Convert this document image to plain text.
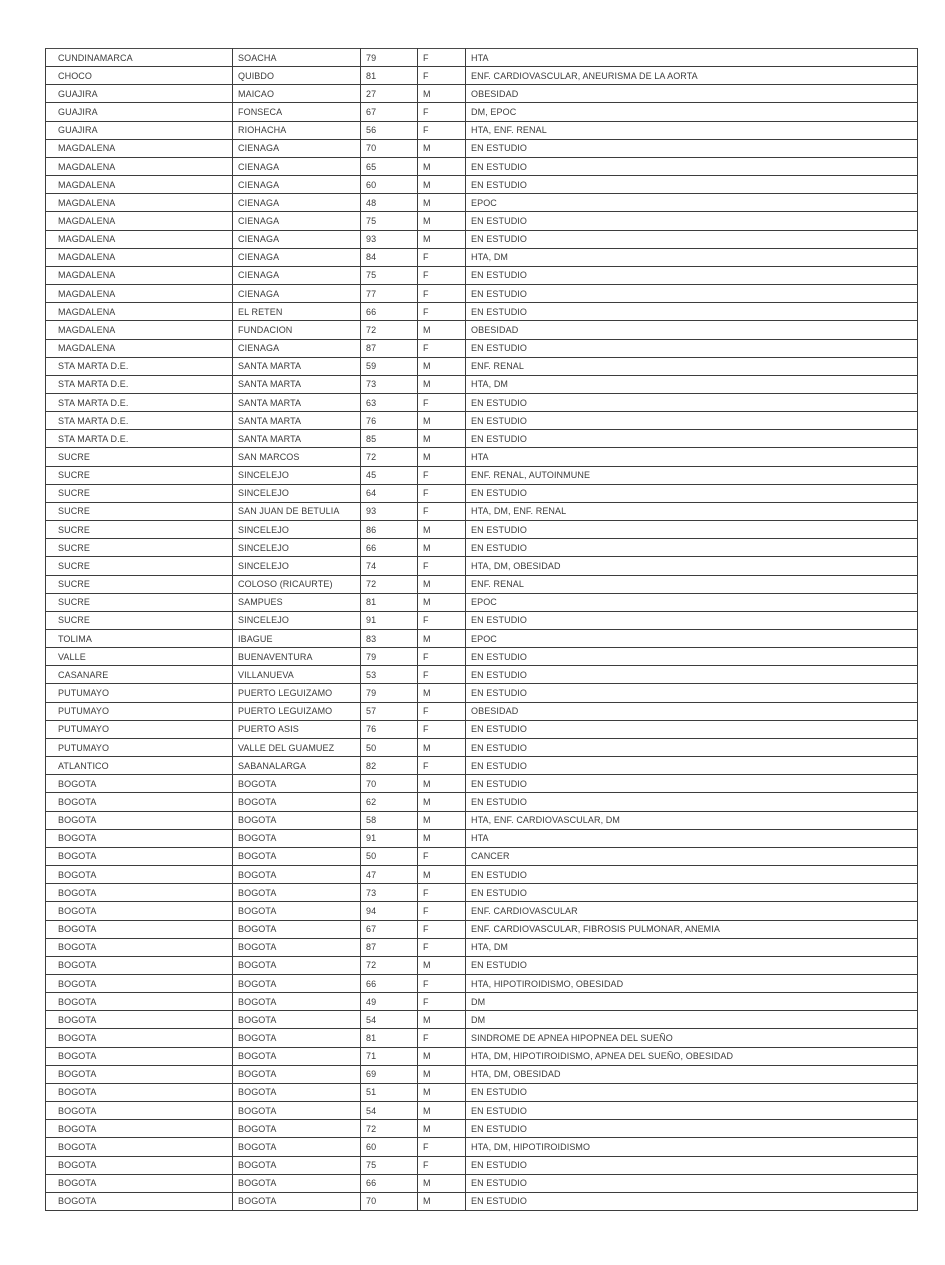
CUNDINAMARCA	SOACHA	79	F	HTA
CHOCO	QUIBDO	81	F	ENF. CARDIOVASCULAR, ANEURISMA DE LA AORTA
GUAJIRA	MAICAO	27	M	OBESIDAD
GUAJIRA	FONSECA	67	F	DM, EPOC
GUAJIRA	RIOHACHA	56	F	HTA, ENF. RENAL
MAGDALENA	CIENAGA	70	M	EN ESTUDIO
MAGDALENA	CIENAGA	65	M	EN ESTUDIO
MAGDALENA	CIENAGA	60	M	EN ESTUDIO
MAGDALENA	CIENAGA	48	M	EPOC
MAGDALENA	CIENAGA	75	M	EN ESTUDIO
MAGDALENA	CIENAGA	93	M	EN ESTUDIO
MAGDALENA	CIENAGA	84	F	HTA, DM
MAGDALENA	CIENAGA	75	F	EN ESTUDIO
MAGDALENA	CIENAGA	77	F	EN ESTUDIO
MAGDALENA	EL RETEN	66	F	EN ESTUDIO
MAGDALENA	FUNDACION	72	M	OBESIDAD
MAGDALENA	CIENAGA	87	F	EN ESTUDIO
STA MARTA D.E.	SANTA MARTA	59	M	ENF. RENAL
STA MARTA D.E.	SANTA MARTA	73	M	HTA, DM
STA MARTA D.E.	SANTA MARTA	63	F	EN ESTUDIO
STA MARTA D.E.	SANTA MARTA	76	M	EN ESTUDIO
STA MARTA D.E.	SANTA MARTA	85	M	EN ESTUDIO
SUCRE	SAN MARCOS	72	M	HTA
SUCRE	SINCELEJO	45	F	ENF. RENAL, AUTOINMUNE
SUCRE	SINCELEJO	64	F	EN ESTUDIO
SUCRE	SAN JUAN DE BETULIA	93	F	HTA, DM, ENF. RENAL
SUCRE	SINCELEJO	86	M	EN ESTUDIO
SUCRE	SINCELEJO	66	M	EN ESTUDIO
SUCRE	SINCELEJO	74	F	HTA, DM, OBESIDAD
SUCRE	COLOSO (RICAURTE)	72	M	ENF. RENAL
SUCRE	SAMPUES	81	M	EPOC
SUCRE	SINCELEJO	91	F	EN ESTUDIO
TOLIMA	IBAGUE	83	M	EPOC
VALLE	BUENAVENTURA	79	F	EN ESTUDIO
CASANARE	VILLANUEVA	53	F	EN ESTUDIO
PUTUMAYO	PUERTO LEGUIZAMO	79	M	EN ESTUDIO
PUTUMAYO	PUERTO LEGUIZAMO	57	F	OBESIDAD
PUTUMAYO	PUERTO ASIS	76	F	EN ESTUDIO
PUTUMAYO	VALLE DEL GUAMUEZ	50	M	EN ESTUDIO
ATLANTICO	SABANALARGA	82	F	EN ESTUDIO
BOGOTA	BOGOTA	70	M	EN ESTUDIO
BOGOTA	BOGOTA	62	M	EN ESTUDIO
BOGOTA	BOGOTA	58	M	HTA, ENF. CARDIOVASCULAR, DM
BOGOTA	BOGOTA	91	M	HTA
BOGOTA	BOGOTA	50	F	CANCER
BOGOTA	BOGOTA	47	M	EN ESTUDIO
BOGOTA	BOGOTA	73	F	EN ESTUDIO
BOGOTA	BOGOTA	94	F	ENF. CARDIOVASCULAR
BOGOTA	BOGOTA	67	F	ENF. CARDIOVASCULAR, FIBROSIS PULMONAR, ANEMIA
BOGOTA	BOGOTA	87	F	HTA, DM
BOGOTA	BOGOTA	72	M	EN ESTUDIO
BOGOTA	BOGOTA	66	F	HTA, HIPOTIROIDISMO, OBESIDAD
BOGOTA	BOGOTA	49	F	DM
BOGOTA	BOGOTA	54	M	DM
BOGOTA	BOGOTA	81	F	SINDROME DE APNEA HIPOPNEA DEL SUEÑO
BOGOTA	BOGOTA	71	M	HTA, DM, HIPOTIROIDISMO, APNEA DEL SUEÑO, OBESIDAD
BOGOTA	BOGOTA	69	M	HTA, DM, OBESIDAD
BOGOTA	BOGOTA	51	M	EN ESTUDIO
BOGOTA	BOGOTA	54	M	EN ESTUDIO
BOGOTA	BOGOTA	72	M	EN ESTUDIO
BOGOTA	BOGOTA	60	F	HTA, DM, HIPOTIROIDISMO
BOGOTA	BOGOTA	75	F	EN ESTUDIO
BOGOTA	BOGOTA	66	M	EN ESTUDIO
BOGOTA	BOGOTA	70	M	EN ESTUDIO
